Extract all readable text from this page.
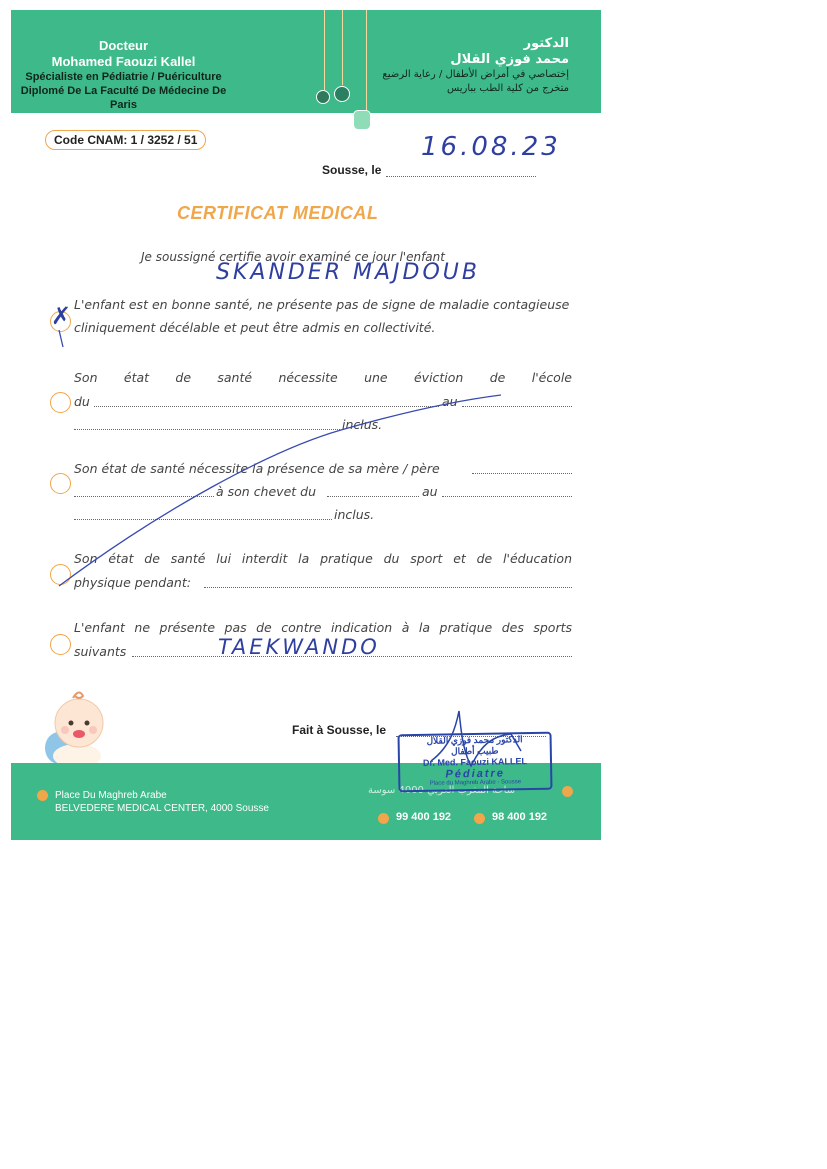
Docteur
Mohamed Faouzi Kallel
Spécialiste en Pédiatrie / Puériculture
Diplomé De La Faculté De Médecine De Paris
الدكتور
محمد فوزي القلال
إختصاصي في أمراض الأطفال / رعاية الرضيع
متخرج من كلية الطب بباريس
Code CNAM: 1 / 3252 / 51
Sousse, le
16.08.23
CERTIFICAT MEDICAL
Je soussigné certifie avoir examiné ce jour l'enfant
SKANDER MAJDOUB
✗ L'enfant est en bonne santé, ne présente pas de signe de maladie contagieuse cliniquement décélable et peut être admis en collectivité.
Son état de santé nécessite une éviction de l'école
du	au
inclus.
Son état de santé nécessite la présence de sa mère / père
à son chevet du	au
inclus.
Son état de santé lui interdit la pratique du sport et de l'éducation
physique pendant:
L'enfant ne présente pas de contre indication à la pratique des sports
suivants	TAEKWANDO
Fait à Sousse, le
Place Du Maghreb Arabe
BELVEDERE MEDICAL CENTER, 4000 Sousse
ساحة المغرب العربي 4000 سوسة
99 400 192	98 400 192
الدكتور محمد فوزي القلال
طبيب أطفال
Dr. Med. Faouzi KALLEL
Pédiatre
Place du Maghreb Arabe - Sousse
